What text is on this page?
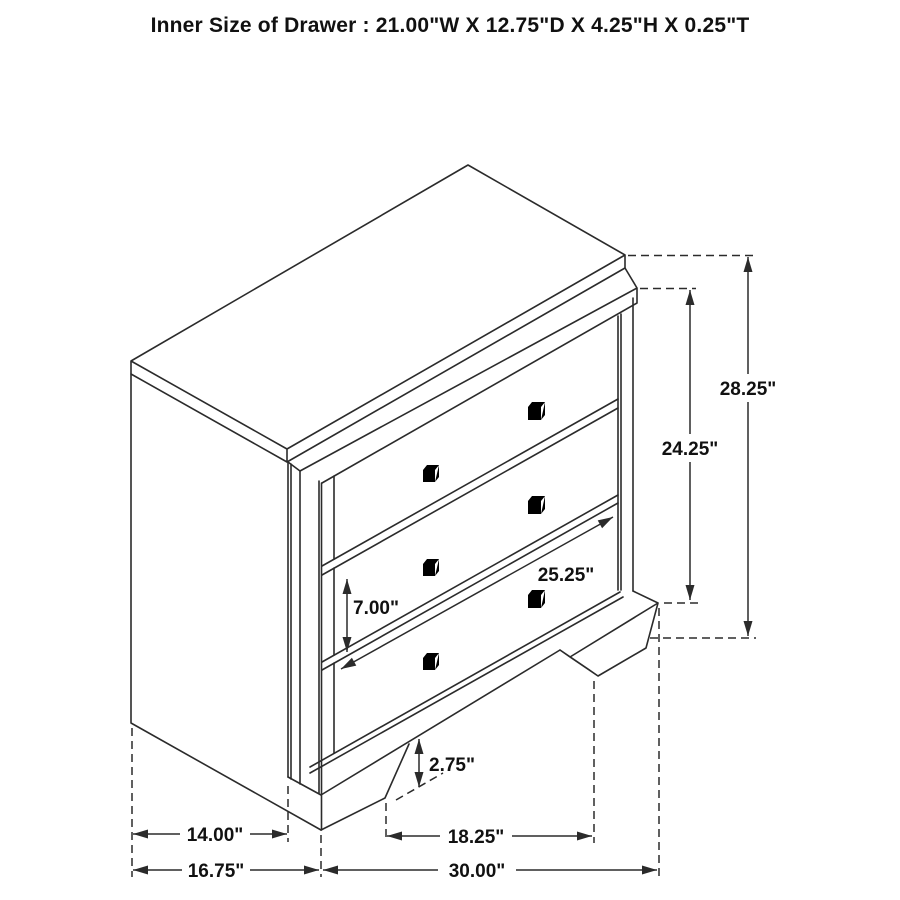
Inner Size of Drawer : 21.00"W X 12.75"D X 4.25"H X 0.25"T
28.25"
24.25"
25.25"
7.00"
2.75"
14.00"
16.75"
18.25"
30.00"
